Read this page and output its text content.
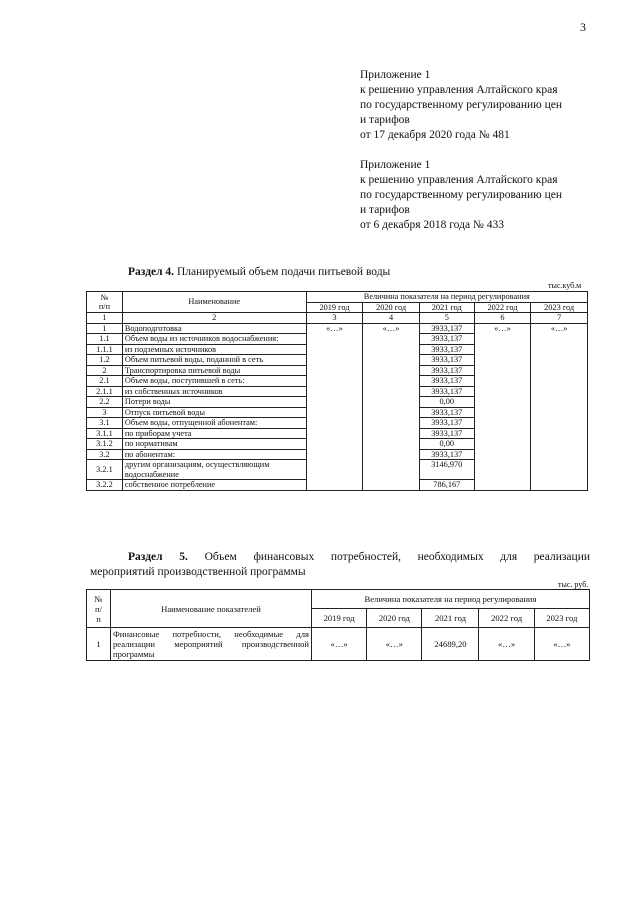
3
Приложение 1
к решению управления Алтайского края
по государственному регулированию цен
и тарифов
от 17 декабря 2020 года № 481
Приложение 1
к решению управления Алтайского края
по государственному регулированию цен
и тарифов
от 6 декабря 2018 года № 433
Раздел 4. Планируемый объем подачи питьевой воды
тыс.куб.м
№
п/п	Наименование	Величина показателя на период регулирования				
		2019 год	2020 год	2021 год	2022 год	2023 год
1	2	3	4	5	6	7
1	Водоподготовка	«…»	«…»	3933,137	«…»	«…»
1.1	Объем воды из источников водоснабжения:			3933,137		
1.1.1	из подземных источников			3933,137		
1.2	Объем питьевой воды, поданной в сеть			3933,137		
2	Транспортировка питьевой воды			3933,137		
2.1	Объем воды, поступившей в сеть:			3933,137		
2.1.1	из собственных источников			3933,137		
2.2	Потери воды			0,00		
3	Отпуск питьевой воды			3933,137		
3.1	Объем воды, отпущенной абонентам:			3933,137		
3.1.1	по приборам учета			3933,137		
3.1.2	по нормативам			0,00		
3.2	по абонентам:			3933,137		
3.2.1	другим организациям, осуществляющим водоснабжение			3146,970		
3.2.2	собственное потребление			786,167		
Раздел 5. Объем финансовых потребностей, необходимых для реализации
мероприятий производственной программы
тыс. руб.
№
п/
п	Наименование показателей	Величина показателя на период регулирования				
		2019 год	2020 год	2021 год	2022 год	2023 год
1	Финансовые потребности, необходимые для реализации мероприятий производственной программы	«…»	«…»	24689,20	«…»	«…»
